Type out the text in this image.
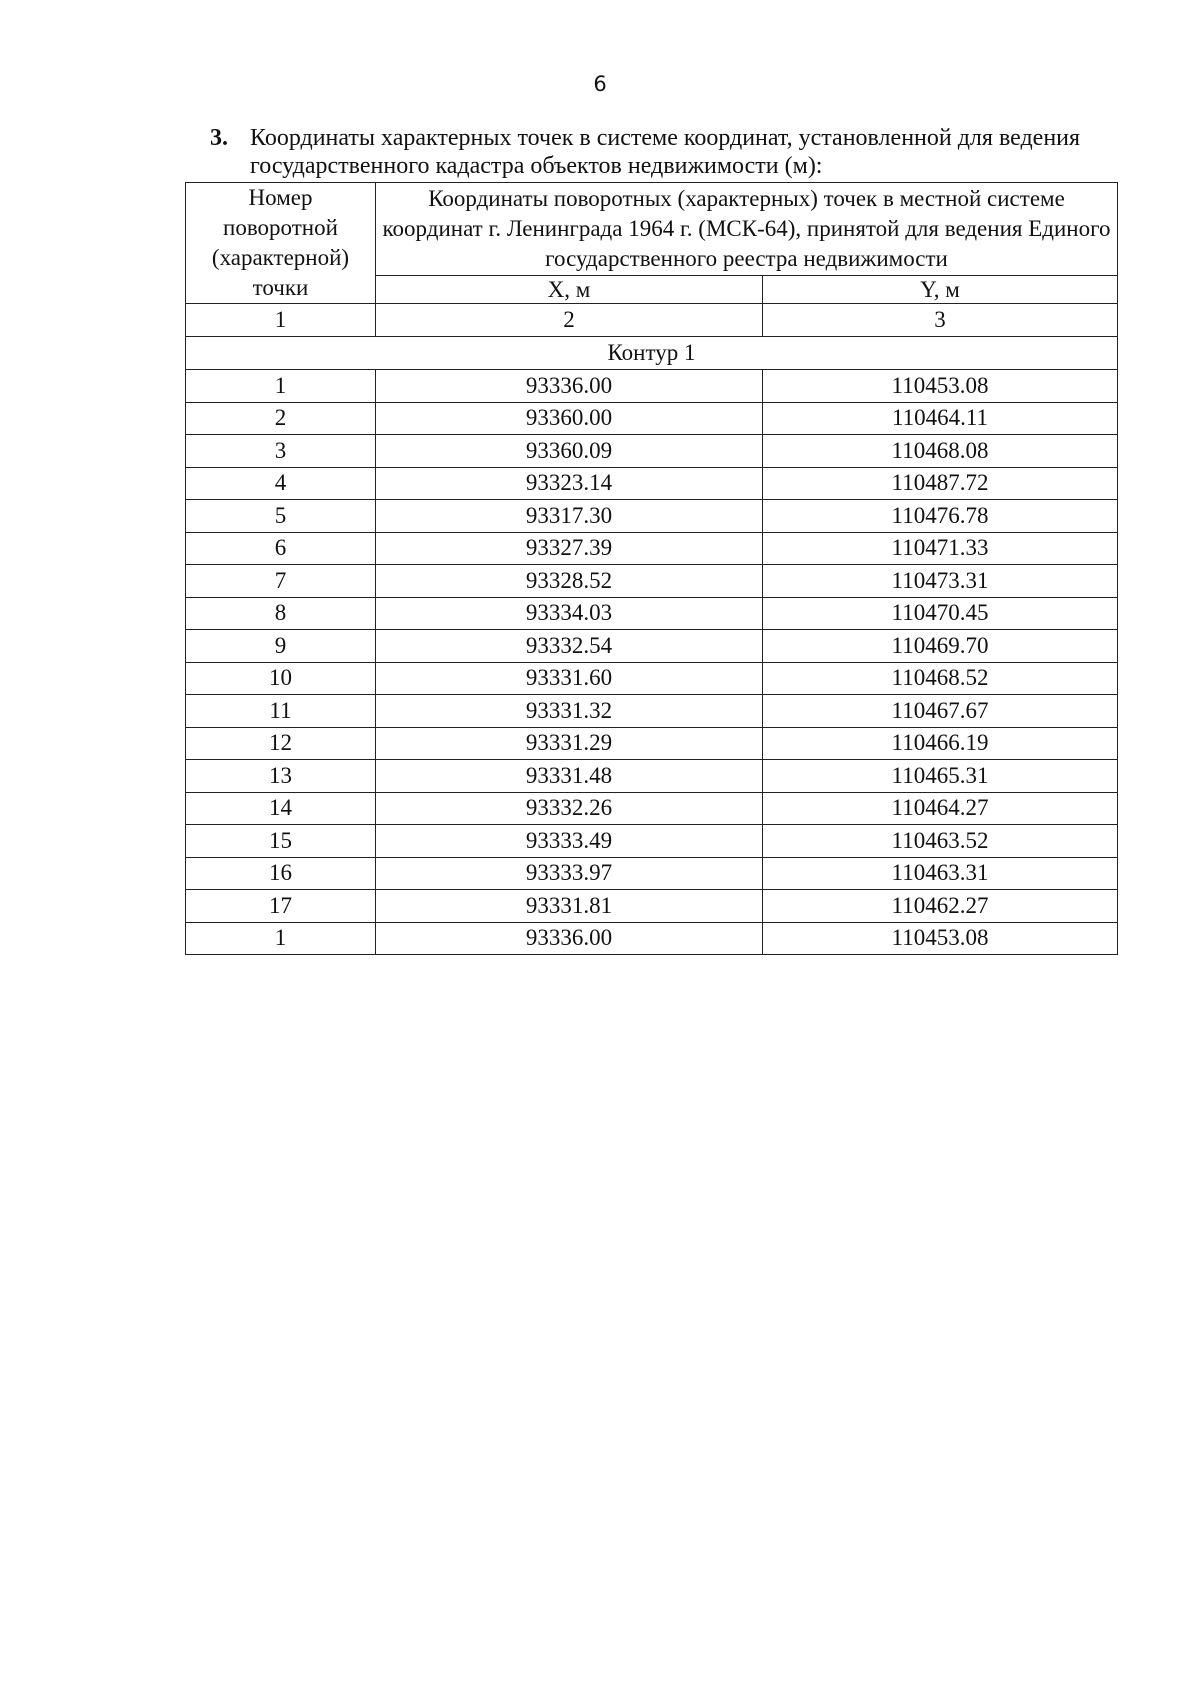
6
3. Координаты характерных точек в системе координат, установленной для ведения государственного кадастра объектов недвижимости (м):
Номер поворотной (характерной) точки	Координаты поворотных (характерных) точек в местной системе координат г. Ленинграда 1964 г. (МСК-64), принятой для ведения Единого государственного реестра недвижимости	
	X, м	Y, м
1	2	3
Контур 1		
1	93336.00	110453.08
2	93360.00	110464.11
3	93360.09	110468.08
4	93323.14	110487.72
5	93317.30	110476.78
6	93327.39	110471.33
7	93328.52	110473.31
8	93334.03	110470.45
9	93332.54	110469.70
10	93331.60	110468.52
11	93331.32	110467.67
12	93331.29	110466.19
13	93331.48	110465.31
14	93332.26	110464.27
15	93333.49	110463.52
16	93333.97	110463.31
17	93331.81	110462.27
1	93336.00	110453.08
